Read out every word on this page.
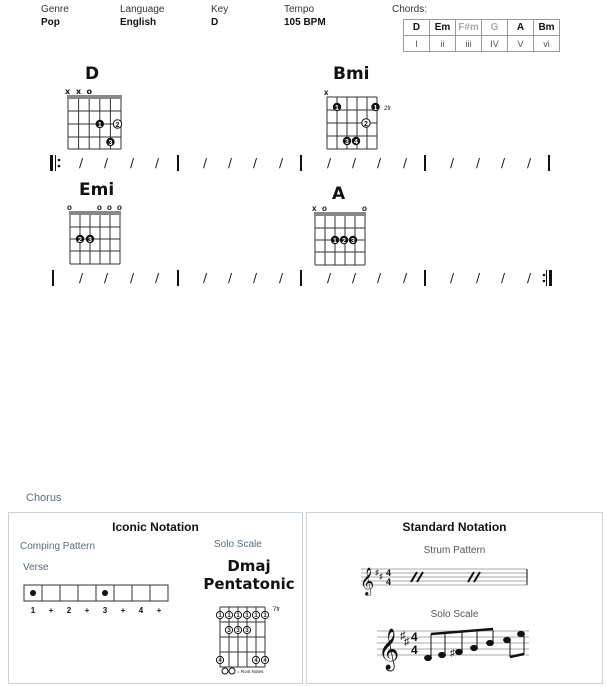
Genre
Pop
Language
English
Key
D
Tempo
105 BPM
Chords:
D	Em	F#m	G	A	Bm
I	ii	iii	IV	V	vi
D	Bmi
Emi	A
x x o
1 2
3
x
1	1 2fr
2
3 4
o	o o o
2 3
x o	o
1 2 3
/ / / /	/ / / /	/ / / /	/ / / /
/ / / /	/ / / /	/ / / /	/ / / /
Chorus
Iconic Notation
Comping Pattern
Verse
Solo Scale
Dmaj
Pentatonic
1 + 2 + 3 + 4 +
1 1 1 1 1 1
3 3 3
4	4 4
7fr
= Root Notes
Standard Notation
Strum Pattern
Solo Scale
𝄞 ♯ ♯ 4
4
𝄞 ♯
♯ 4
4	♯
